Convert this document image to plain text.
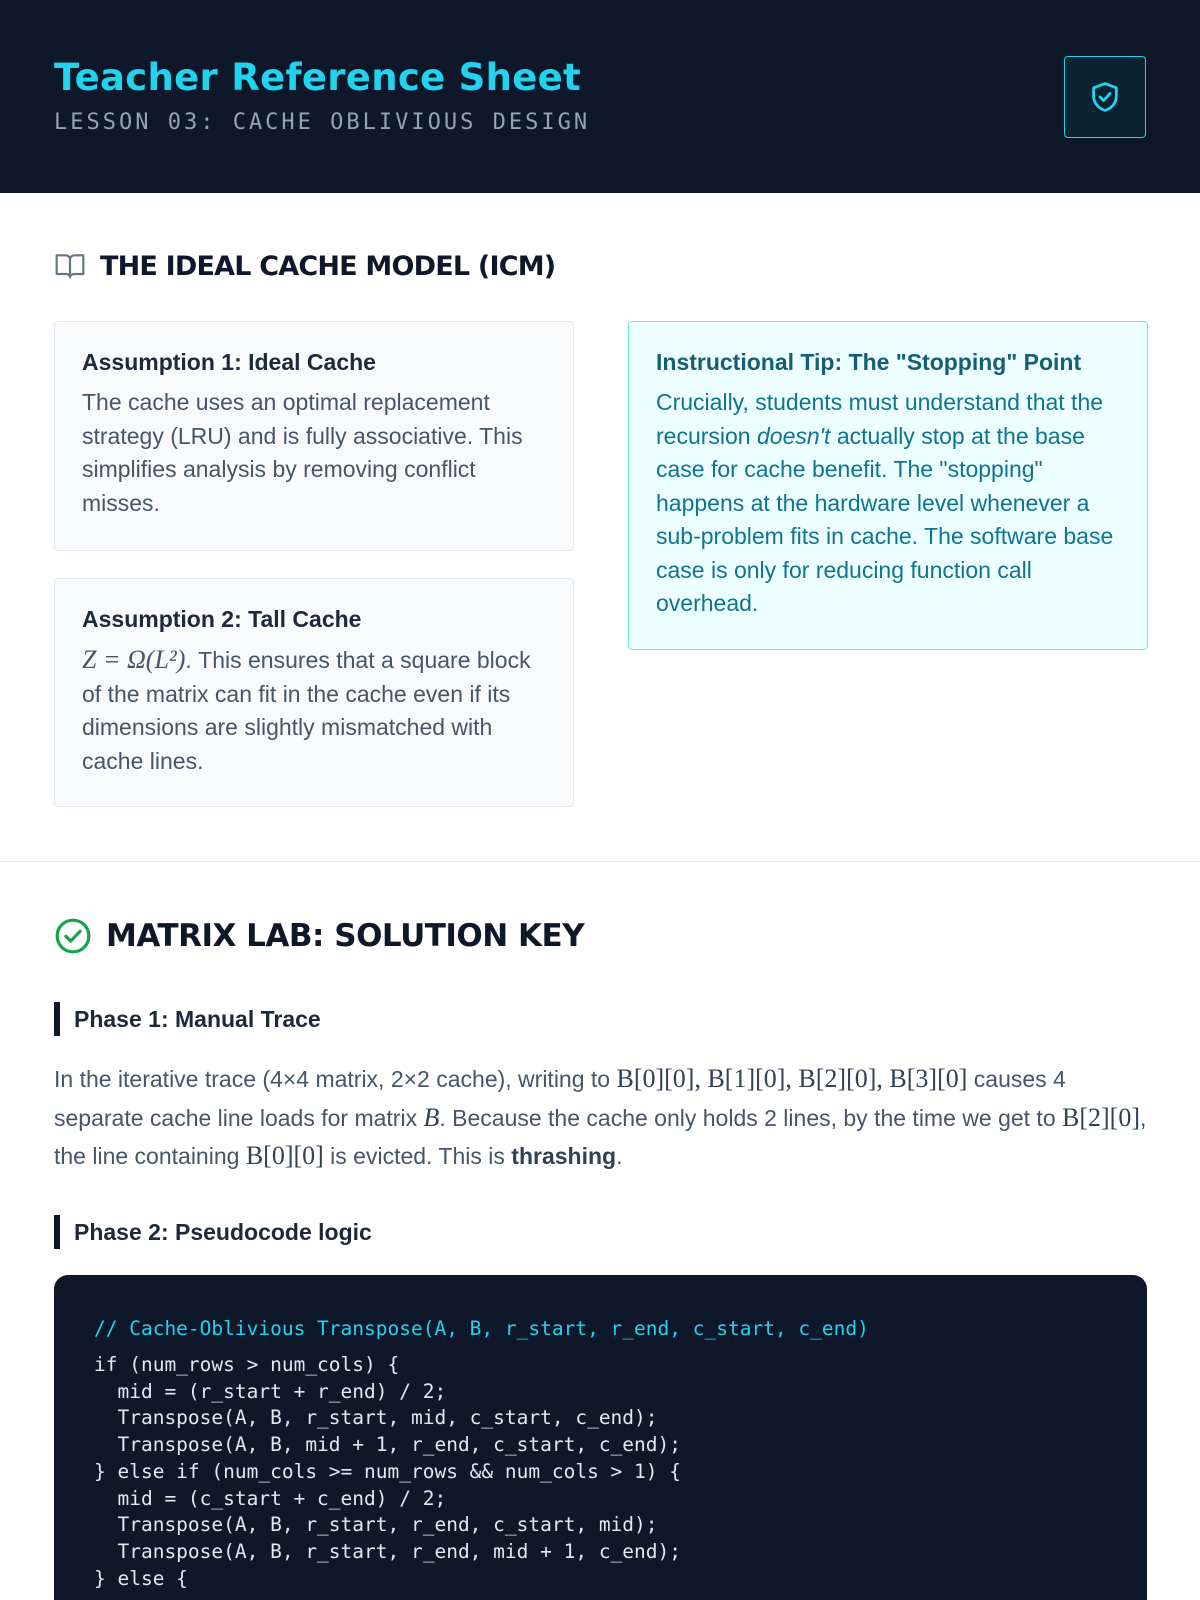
Teacher Reference Sheet
LESSON 03: CACHE OBLIVIOUS DESIGN
THE IDEAL CACHE MODEL (ICM)
Assumption 1: Ideal Cache

The cache uses an optimal replacement strategy (LRU) and is fully associative. This simplifies analysis by removing conflict misses.

Assumption 2: Tall Cache

Z = Ω(L²). This ensures that a square block of the matrix can fit in the cache even if its dimensions are slightly mismatched with cache lines.

Instructional Tip: The "Stopping" Point

Crucially, students must understand that the recursion doesn't actually stop at the base case for cache benefit. The "stopping" happens at the hardware level whenever a sub-problem fits in cache. The software base case is only for reducing function call overhead.

MATRIX LAB: SOLUTION KEY
Phase 1: Manual Trace
In the iterative trace (4×4 matrix, 2×2 cache), writing to B[0][0], B[1][0], B[2][0], B[3][0] causes 4 separate cache line loads for matrix B. Because the cache only holds 2 lines, by the time we get to B[2][0], the line containing B[0][0] is evicted. This is thrashing.
Phase 2: Pseudocode logic
// Cache-Oblivious Transpose(A, B, r_start, r_end, c_start, c_end)
if (num_rows > num_cols) {
mid = (r_start + r_end) / 2;
Transpose(A, B, r_start, mid, c_start, c_end);
Transpose(A, B, mid + 1, r_end, c_start, c_end);
} else if (num_cols >= num_rows && num_cols > 1) {
mid = (c_start + c_end) / 2;
Transpose(A, B, r_start, r_end, c_start, mid);
Transpose(A, B, r_start, r_end, mid + 1, c_end);
} else {
